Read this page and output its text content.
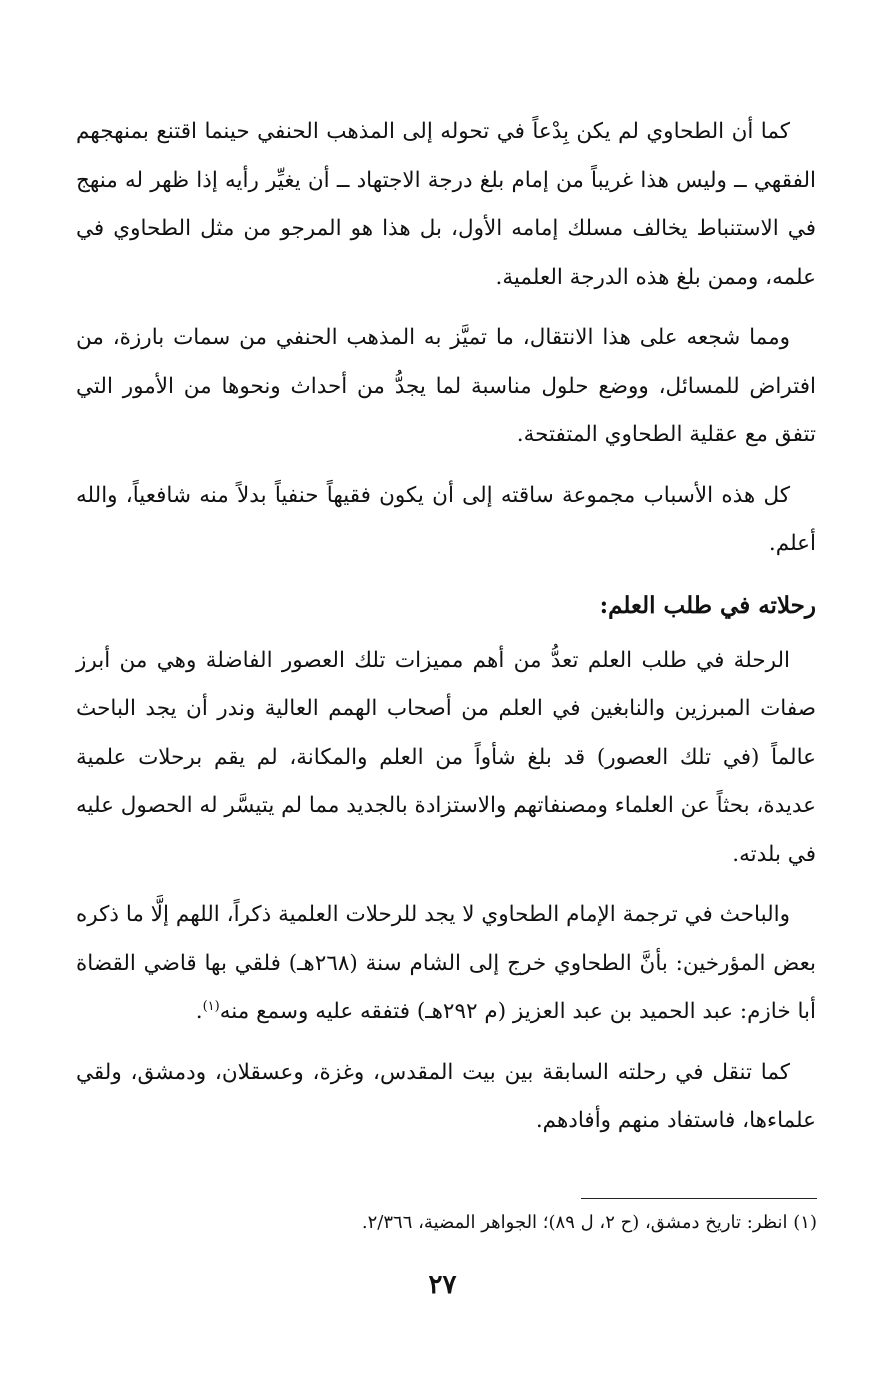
كما أن الطحاوي لم يكن بِدْعاً في تحوله إلى المذهب الحنفي حينما اقتنع بمنهجهم الفقهي ــ وليس هذا غريباً من إمام بلغ درجة الاجتهاد ــ أن يغيِّر رأيه إذا ظهر له منهج في الاستنباط يخالف مسلك إمامه الأول، بل هذا هو المرجو من مثل الطحاوي في علمه، وممن بلغ هذه الدرجة العلمية.

ومما شجعه على هذا الانتقال، ما تميَّز به المذهب الحنفي من سمات بارزة، من افتراض للمسائل، ووضع حلول مناسبة لما يجدُّ من أحداث ونحوها من الأمور التي تتفق مع عقلية الطحاوي المتفتحة.

كل هذه الأسباب مجموعة ساقته إلى أن يكون فقيهاً حنفياً بدلاً منه شافعياً، والله أعلم.

رحلاته في طلب العلم:

الرحلة في طلب العلم تعدُّ من أهم مميزات تلك العصور الفاضلة وهي من أبرز صفات المبرزين والنابغين في العلم من أصحاب الهمم العالية وندر أن يجد الباحث عالماً (في تلك العصور) قد بلغ شأواً من العلم والمكانة، لم يقم برحلات علمية عديدة، بحثاً عن العلماء ومصنفاتهم والاستزادة بالجديد مما لم يتيسَّر له الحصول عليه في بلدته.

والباحث في ترجمة الإمام الطحاوي لا يجد للرحلات العلمية ذكراً، اللهم إلَّا ما ذكره بعض المؤرخين: بأنَّ الطحاوي خرج إلى الشام سنة (٢٦٨هـ) فلقي بها قاضي القضاة أبا خازم: عبد الحميد بن عبد العزيز (م ٢٩٢هـ) فتفقه عليه وسمع منه$^{(١)}$.

كما تنقل في رحلته السابقة بين بيت المقدس، وغزة، وعسقلان، ودمشق، ولقي علماءها، فاستفاد منهم وأفادهم.

(١) انظر: تاريخ دمشق، (ح ٢، ل ٨٩)؛ الجواهر المضية، ٢/٣٦٦.
٢٧
